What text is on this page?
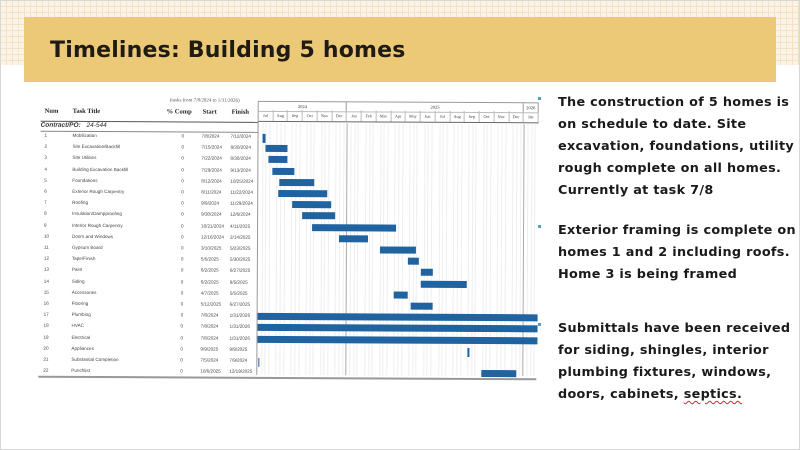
Timelines: Building 5 homes
(tasks from 7/8/2024 to 1/31/2026)
Num Task Title	% Comp Start Finish
Contract/PO: 24-544
1	Mobilization	0	7/8/2024 7/12/2024
2	Site Excavation/Backfill	0	7/15/2024 8/30/2024
3	Site Utilities	0	7/22/2024 8/30/2024
4	Building Excavation Backfill	0	7/29/2024 9/13/2024
5	Foundations	0	8/12/2024 10/25/2024
6	Exterior Rough Carpentry	0	8/11/2024 11/22/2024
7	Roofing	0	9/9/2024 11/29/2024
8	Insulation/Dampproofing	0	9/30/2024 12/6/2024
9	Interior Rough Carpentry	0	10/21/2024 4/11/2025
10	Doors and Windows	0	12/16/2024 2/14/2025
11	Gypsum Board	0	3/10/2025 5/23/2025
12	Tape/Finish	0	5/5/2025 5/30/2025
13	Paint	0	6/2/2025 6/27/2025
14	Siding	0	6/2/2025 9/5/2025
15	Accessories	0	4/7/2025 5/5/2025
16	Flooring	0	5/12/2025 6/27/2025
17	Plumbing	0	7/8/2024 1/31/2026
18	HVAC	0	7/8/2024 1/31/2026
19	Electrical	0	7/8/2024 1/31/2026
20	Appliances	0	9/9/2025 9/9/2025
21	Substantial Completion	0	7/5/2024 7/9/2024
22	Punchlist	0	10/6/2025 12/19/2025
2024	2025	2026
Jul	Aug	Sep	Oct	Nov	Dec	Jan	Feb	Mar	Apr	May	Jun	Jul	Aug	Sep	Oct	Nov	Dec	Jan
The construction of 5 homes is on schedule to date. Site excavation, foundations, utility rough complete on all homes. Currently at task 7/8
Exterior framing is complete on homes 1 and 2 including roofs. Home 3 is being framed
Submittals have been received for siding, shingles, interior plumbing fixtures, windows, doors, cabinets, septics.
